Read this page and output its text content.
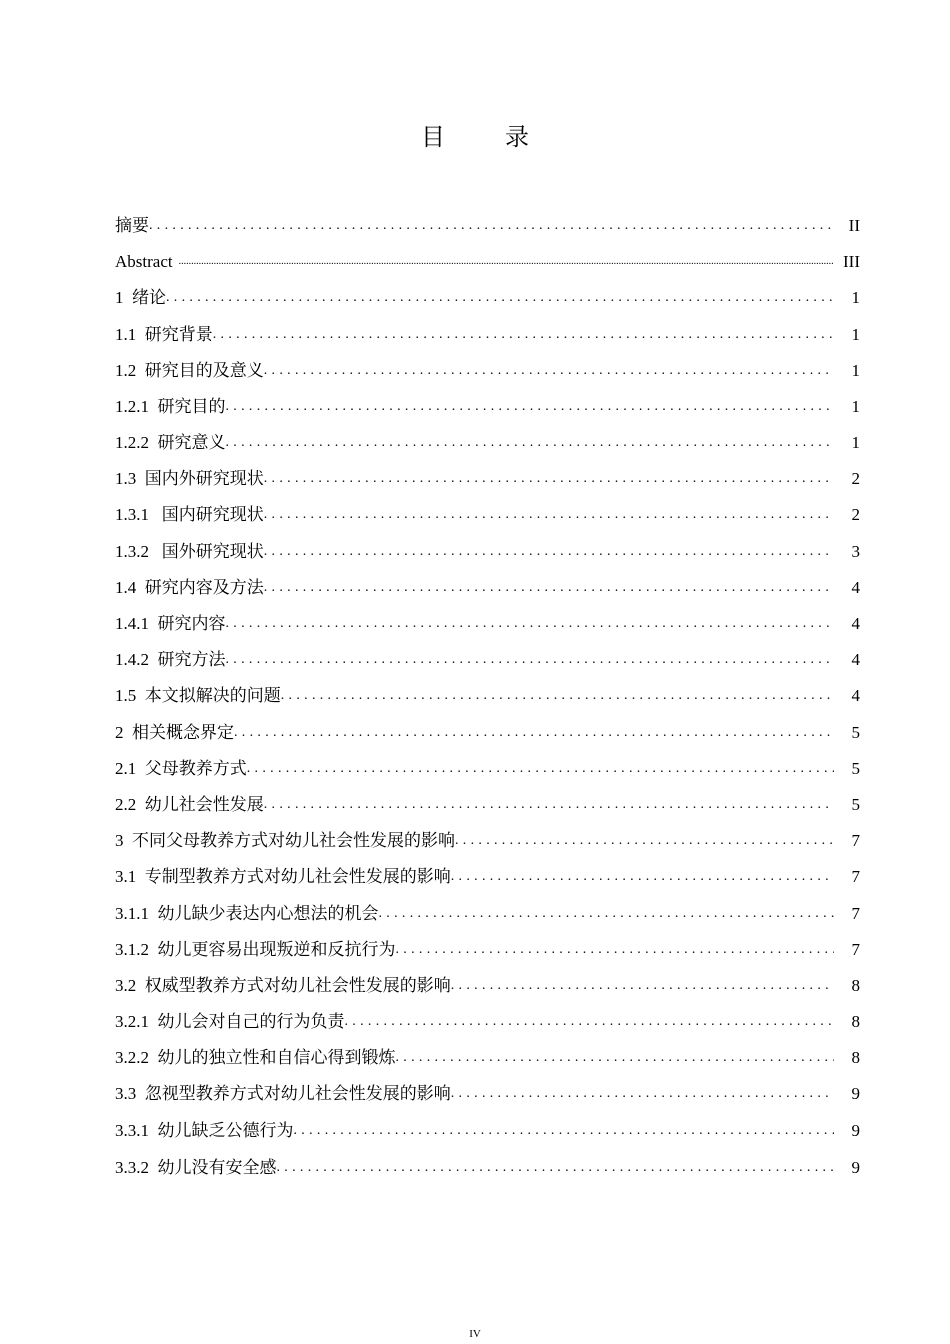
目　录
摘要 .....	II
Abstract .....	III
1  绪论 .....	1
1.1  研究背景 .....	1
1.2  研究目的及意义 .....	1
1.2.1  研究目的 .....	1
1.2.2  研究意义 .....	1
1.3  国内外研究现状 .....	2
1.3.1   国内研究现状 .....	2
1.3.2   国外研究现状 .....	3
1.4  研究内容及方法 .....	4
1.4.1  研究内容 .....	4
1.4.2  研究方法 .....	4
1.5  本文拟解决的问题 .....	4
2  相关概念界定 .....	5
2.1  父母教养方式 .....	5
2.2  幼儿社会性发展 .....	5
3  不同父母教养方式对幼儿社会性发展的影响 .....	7
3.1  专制型教养方式对幼儿社会性发展的影响 .....	7
3.1.1  幼儿缺少表达内心想法的机会 .....	7
3.1.2  幼儿更容易出现叛逆和反抗行为 .....	7
3.2  权威型教养方式对幼儿社会性发展的影响 .....	8
3.2.1  幼儿会对自己的行为负责 .....	8
3.2.2  幼儿的独立性和自信心得到锻炼 .....	8
3.3  忽视型教养方式对幼儿社会性发展的影响 .....	9
3.3.1  幼儿缺乏公德行为 .....	9
3.3.2  幼儿没有安全感 .....	9
IV
